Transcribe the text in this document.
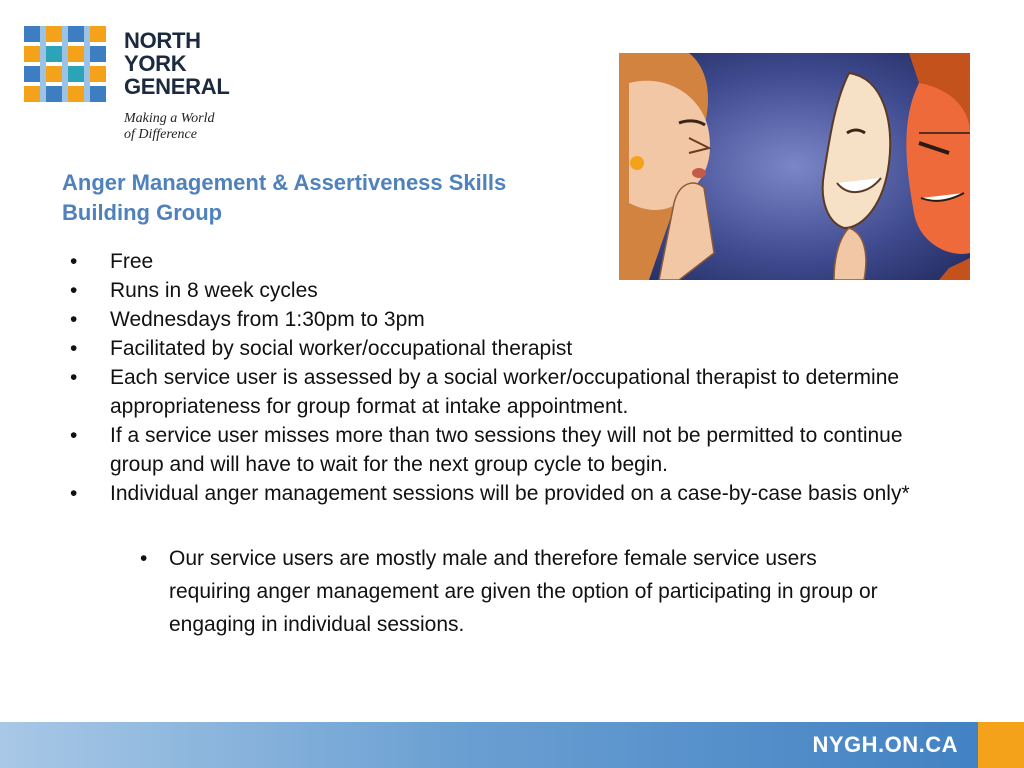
NORTH
YORK
GENERAL
Making a World
of Difference
Anger Management & Assertiveness Skills
Building Group
• Free
• Runs in 8 week cycles
• Wednesdays from 1:30pm to 3pm
• Facilitated by social worker/occupational therapist
• Each service user is assessed by a social worker/occupational therapist to determine appropriateness for group format at intake appointment.
• If a service user misses more than two sessions they will not be permitted to continue group and will have to wait for the next group cycle to begin.
• Individual anger management sessions will be provided on a case-by-case basis only*
• Our service users are mostly male and therefore female service users requiring anger management are given the option of participating in group or engaging in individual sessions.
NYGH.ON.CA
